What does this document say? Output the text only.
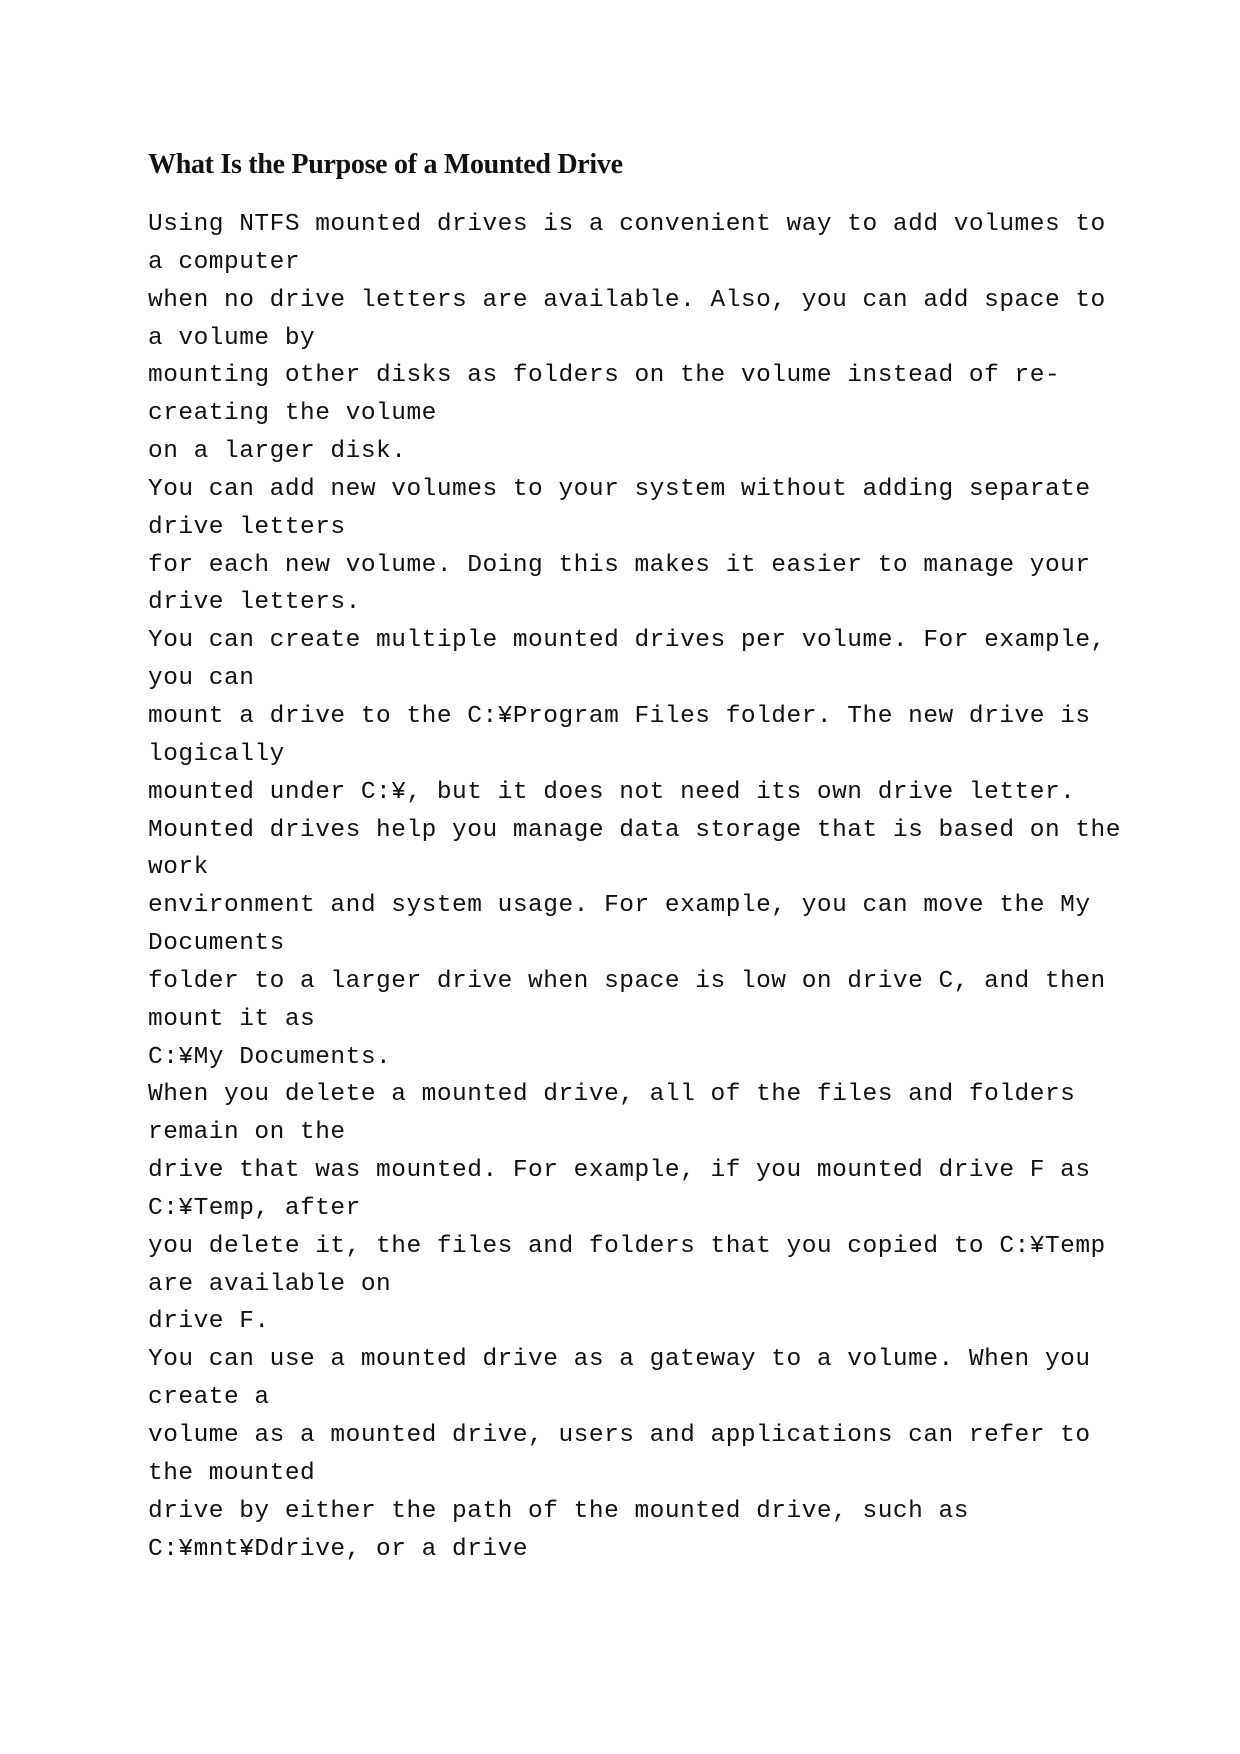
What Is the Purpose of a Mounted Drive
Using NTFS mounted drives is a convenient way to add volumes to
a computer
when no drive letters are available. Also, you can add space to
a volume by
mounting other disks as folders on the volume instead of re-
creating the volume
on a larger disk.
You can add new volumes to your system without adding separate
drive letters
for each new volume. Doing this makes it easier to manage your
drive letters.
You can create multiple mounted drives per volume. For example,
you can
mount a drive to the C:¥Program Files folder. The new drive is
logically
mounted under C:¥, but it does not need its own drive letter.
Mounted drives help you manage data storage that is based on the
work
environment and system usage. For example, you can move the My
Documents
folder to a larger drive when space is low on drive C, and then
mount it as
C:¥My Documents.
When you delete a mounted drive, all of the files and folders
remain on the
drive that was mounted. For example, if you mounted drive F as
C:¥Temp, after
you delete it, the files and folders that you copied to C:¥Temp
are available on
drive F.
You can use a mounted drive as a gateway to a volume. When you
create a
volume as a mounted drive, users and applications can refer to
the mounted
drive by either the path of the mounted drive, such as
C:¥mnt¥Ddrive, or a drive
